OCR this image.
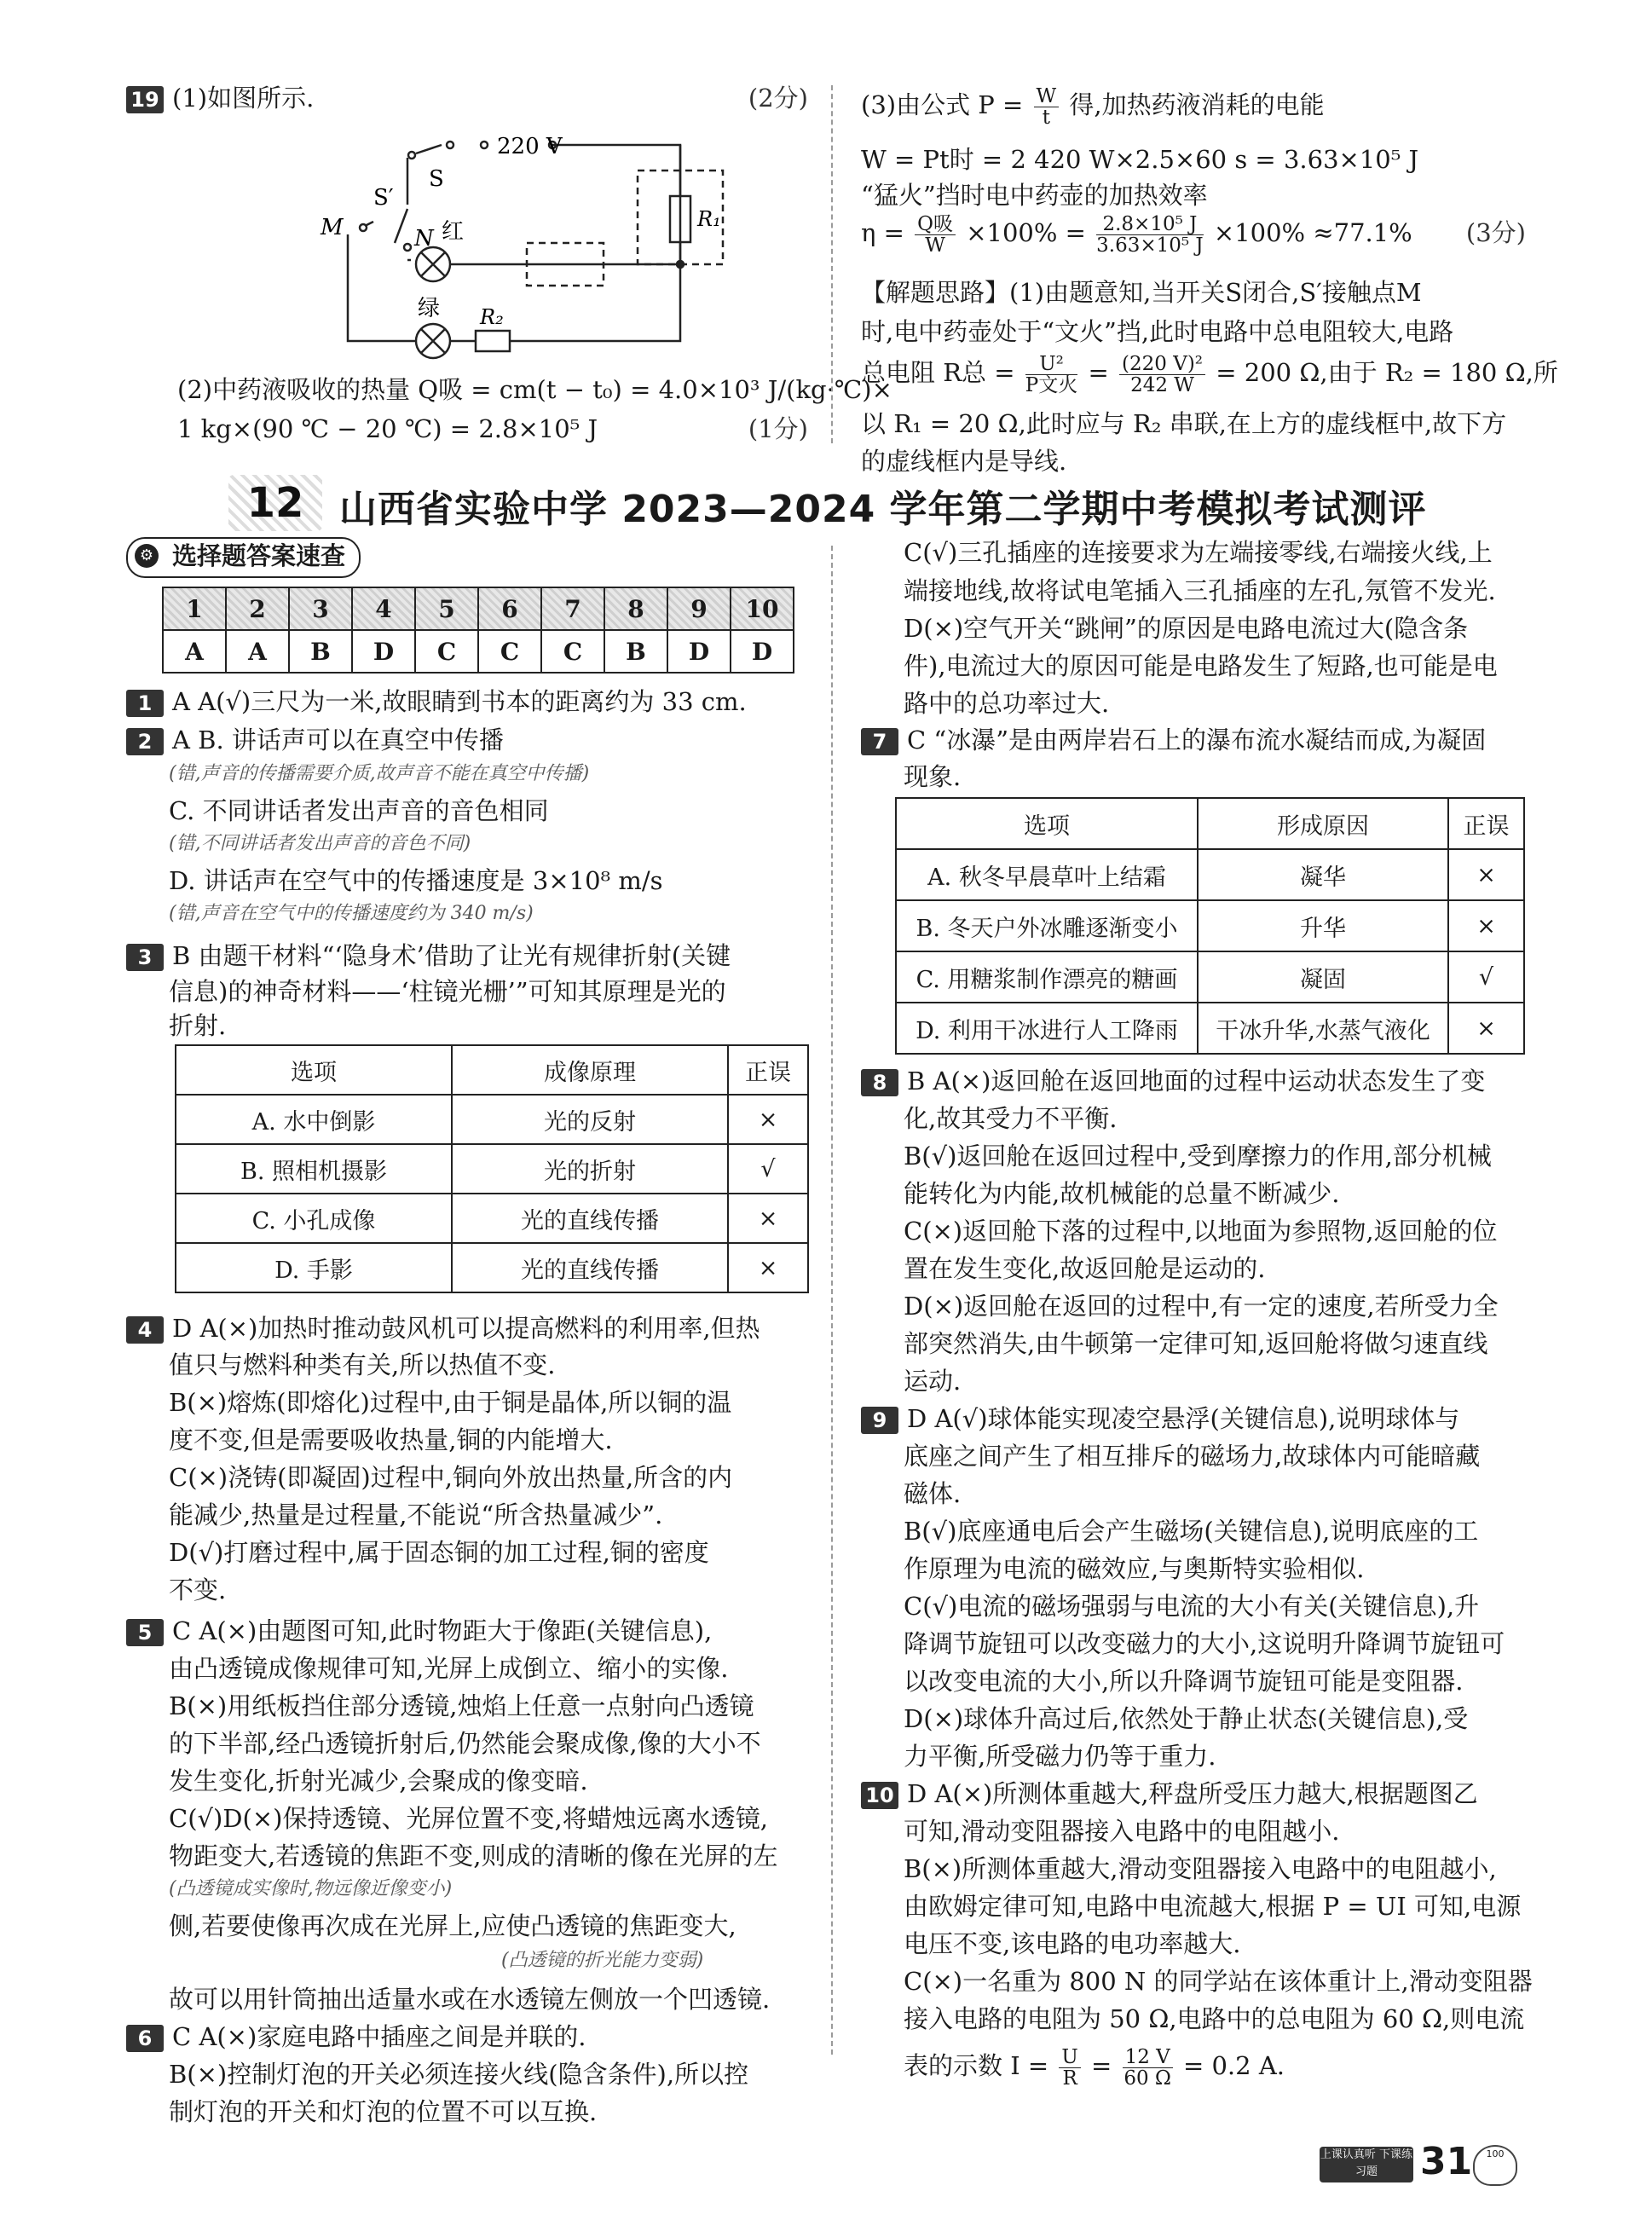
19 (1)如图所示.	(2分)
220 V
S
S′
M	N 红
绿
R₁
R₂
(2)中药液吸收的热量 Q吸 = cm(t − t₀) = 4.0×10³ J/(kg·℃)×
1 kg×(90 ℃ − 20 ℃) = 2.8×10⁵ J	(1分)
(3)由公式 $P = \frac{W}{t}$ 得,加热药液消耗的电能
W = Pt时 = 2 420 W×2.5×60 s = 3.63×10⁵ J
“猛火”挡时电中药壶的加热效率
$\eta = \frac{\text{Q吸}}{W} \times 100\% = \frac{\text{2.8×10⁵ J}}{\text{3.63×10⁵ J}} \times 100\% \approx 77.1\%$ (3分)
【解题思路】(1)由题意知,当开关S闭合,S′接触点M
时,电中药壶处于“文火”挡,此时电路中总电阻较大,电路
总电阻 R总 = $\frac{\text{U²}}{\text{P文火}} = \frac{\text{(220 V)²}}{242 W} = 200$ Ω,由于 R₂ = 180 Ω,所
以 R₁ = 20 Ω,此时应与 R₂ 串联,在上方的虚线框中,故下方
的虚线框内是导线.
12 山西省实验中学 2023—2024 学年第二学期中考模拟考试测评
⚙ 选择题答案速查
1	2	3	4	5	6	7	8	9	10
A	A	B	D	C	C	C	B	D	D
1 A A(√)三尺为一米,故眼睛到书本的距离约为 33 cm.
2 A B. 讲话声可以在真空中传播
(错,声音的传播需要介质,故声音不能在真空中传播)
C. 不同讲话者发出声音的音色相同
(错,不同讲话者发出声音的音色不同)
D. 讲话声在空气中的传播速度是 3×10⁸ m/s
(错,声音在空气中的传播速度约为 340 m/s)
3 B 由题干材料“‘隐身术’借助了让光有规律折射(关键
信息)的神奇材料——‘柱镜光栅’”可知其原理是光的
折射.
选项	成像原理	正误
A. 水中倒影	光的反射	×
B. 照相机摄影	光的折射	√
C. 小孔成像	光的直线传播	×
D. 手影	光的直线传播	×
4 D A(×)加热时推动鼓风机可以提高燃料的利用率,但热
值只与燃料种类有关,所以热值不变.
B(×)熔炼(即熔化)过程中,由于铜是晶体,所以铜的温
度不变,但是需要吸收热量,铜的内能增大.
C(×)浇铸(即凝固)过程中,铜向外放出热量,所含的内
能减少,热量是过程量,不能说“所含热量减少”.
D(√)打磨过程中,属于固态铜的加工过程,铜的密度
不变.
5 C A(×)由题图可知,此时物距大于像距(关键信息),
由凸透镜成像规律可知,光屏上成倒立、缩小的实像.
B(×)用纸板挡住部分透镜,烛焰上任意一点射向凸透镜
的下半部,经凸透镜折射后,仍然能会聚成像,像的大小不
发生变化,折射光减少,会聚成的像变暗.
C(√)D(×)保持透镜、光屏位置不变,将蜡烛远离水透镜,
物距变大,若透镜的焦距不变,则成的清晰的像在光屏的左
(凸透镜成实像时,物远像近像变小)
侧,若要使像再次成在光屏上,应使凸透镜的焦距变大,
(凸透镜的折光能力变弱)
故可以用针筒抽出适量水或在水透镜左侧放一个凹透镜.
6 C A(×)家庭电路中插座之间是并联的.
B(×)控制灯泡的开关必须连接火线(隐含条件),所以控
制灯泡的开关和灯泡的位置不可以互换.
C(√)三孔插座的连接要求为左端接零线,右端接火线,上
端接地线,故将试电笔插入三孔插座的左孔,氖管不发光.
D(×)空气开关“跳闸”的原因是电路电流过大(隐含条
件),电流过大的原因可能是电路发生了短路,也可能是电
路中的总功率过大.
7 C “冰瀑”是由两岸岩石上的瀑布流水凝结而成,为凝固
现象.
选项	形成原因	正误
A. 秋冬早晨草叶上结霜	凝华	×
B. 冬天户外冰雕逐渐变小	升华	×
C. 用糖浆制作漂亮的糖画	凝固	√
D. 利用干冰进行人工降雨	干冰升华,水蒸气液化	×
8 B A(×)返回舱在返回地面的过程中运动状态发生了变
化,故其受力不平衡.
B(√)返回舱在返回过程中,受到摩擦力的作用,部分机械
能转化为内能,故机械能的总量不断减少.
C(×)返回舱下落的过程中,以地面为参照物,返回舱的位
置在发生变化,故返回舱是运动的.
D(×)返回舱在返回的过程中,有一定的速度,若所受力全
部突然消失,由牛顿第一定律可知,返回舱将做匀速直线
运动.
9 D A(√)球体能实现凌空悬浮(关键信息),说明球体与
底座之间产生了相互排斥的磁场力,故球体内可能暗藏
磁体.
B(√)底座通电后会产生磁场(关键信息),说明底座的工
作原理为电流的磁效应,与奥斯特实验相似.
C(√)电流的磁场强弱与电流的大小有关(关键信息),升
降调节旋钮可以改变磁力的大小,这说明升降调节旋钮可
以改变电流的大小,所以升降调节旋钮可能是变阻器.
D(×)球体升高过后,依然处于静止状态(关键信息),受
力平衡,所受磁力仍等于重力.
10 D A(×)所测体重越大,秤盘所受压力越大,根据题图乙
可知,滑动变阻器接入电路中的电阻越小.
B(×)所测体重越大,滑动变阻器接入电路中的电阻越小,
由欧姆定律可知,电路中电流越大,根据 P = UI 可知,电源
电压不变,该电路的电功率越大.
C(×)一名重为 800 N 的同学站在该体重计上,滑动变阻器
接入电路的电阻为 50 Ω,电路中的总电阻为 60 Ω,则电流
表的示数 $I = \frac{U}{R} = \frac{12 V}{60 \Omega} = 0.2$ A.
上课认真听 下课练习题	31	100
